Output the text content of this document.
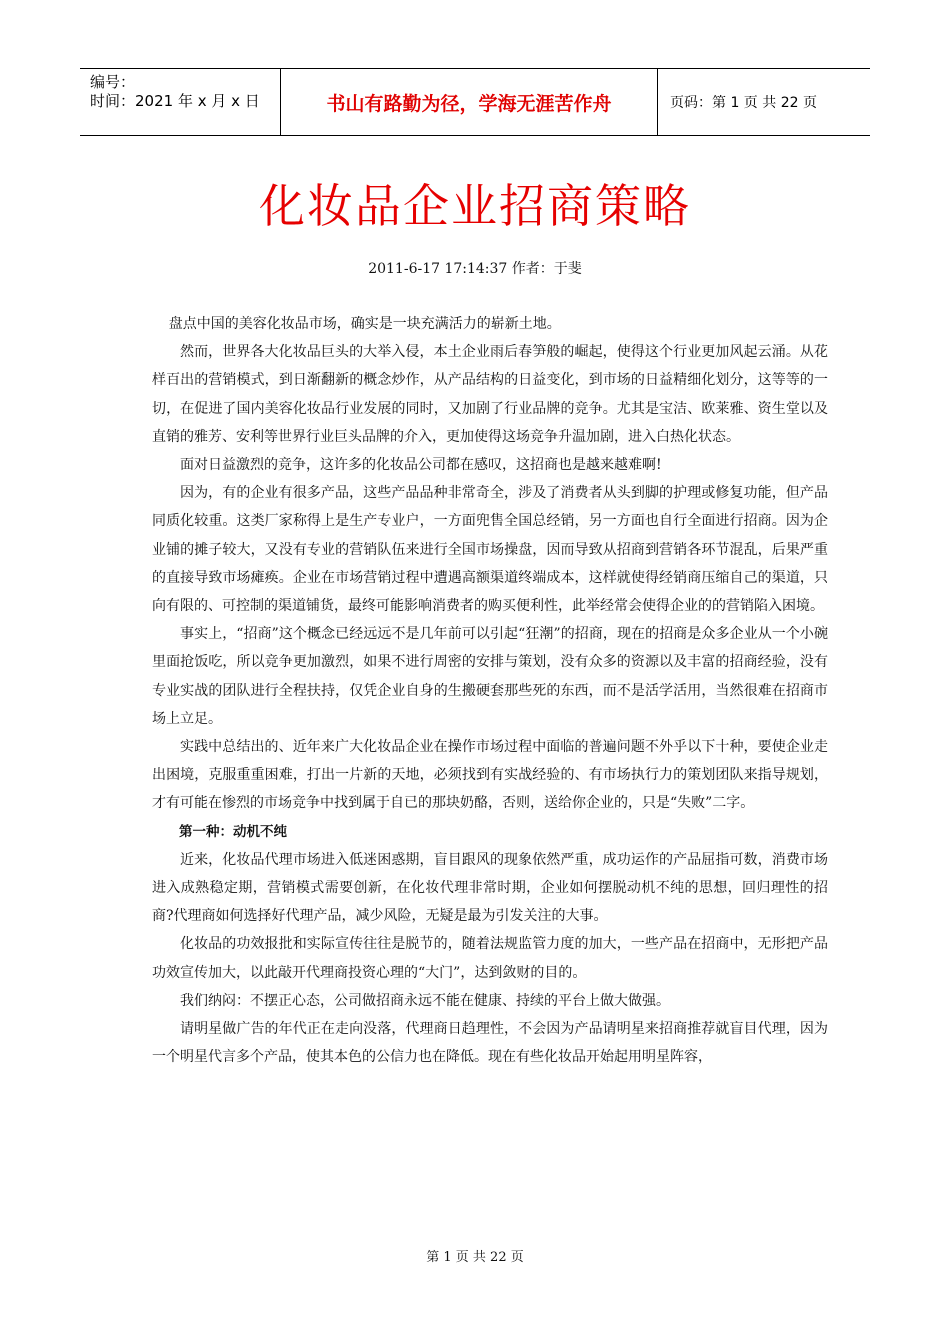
编号：
时间：2021 年 x 月 x 日	书山有路勤为径，学海无涯苦作舟	页码：第 1 页 共 22 页
化妆品企业招商策略
2011-6-17 17:14:37 作者：于斐

盘点中国的美容化妆品市场，确实是一块充满活力的崭新土地。

然而，世界各大化妆品巨头的大举入侵，本土企业雨后春笋般的崛起，使得这个行业更加风起云涌。从花样百出的营销模式，到日渐翻新的概念炒作，从产品结构的日益变化，到市场的日益精细化划分，这等等的一切，在促进了国内美容化妆品行业发展的同时，又加剧了行业品牌的竞争。尤其是宝洁、欧莱雅、资生堂以及直销的雅芳、安利等世界行业巨头品牌的介入，更加使得这场竞争升温加剧，进入白热化状态。

面对日益激烈的竞争，这许多的化妆品公司都在感叹，这招商也是越来越难啊!

因为，有的企业有很多产品，这些产品品种非常奇全，涉及了消费者从头到脚的护理或修复功能，但产品同质化较重。这类厂家称得上是生产专业户，一方面兜售全国总经销，另一方面也自行全面进行招商。因为企业铺的摊子较大，又没有专业的营销队伍来进行全国市场操盘，因而导致从招商到营销各环节混乱，后果严重的直接导致市场瘫痪。企业在市场营销过程中遭遇高额渠道终端成本，这样就使得经销商压缩自己的渠道，只向有限的、可控制的渠道铺货，最终可能影响消费者的购买便利性，此举经常会使得企业的的营销陷入困境。

事实上，“招商”这个概念已经远远不是几年前可以引起“狂潮”的招商，现在的招商是众多企业从一个小碗里面抢饭吃，所以竞争更加激烈，如果不进行周密的安排与策划，没有众多的资源以及丰富的招商经验，没有专业实战的团队进行全程扶持，仅凭企业自身的生搬硬套那些死的东西，而不是活学活用，当然很难在招商市场上立足。

实践中总结出的、近年来广大化妆品企业在操作市场过程中面临的普遍问题不外乎以下十种，要使企业走出困境，克服重重困难，打出一片新的天地，必须找到有实战经验的、有市场执行力的策划团队来指导规划，才有可能在惨烈的市场竞争中找到属于自已的那块奶酪，否则，送给你企业的，只是“失败”二字。

第一种：动机不纯

近来，化妆品代理市场进入低迷困惑期，盲目跟风的现象依然严重，成功运作的产品屈指可数，消费市场进入成熟稳定期，营销模式需要创新，在化妆代理非常时期，企业如何摆脱动机不纯的思想，回归理性的招商?代理商如何选择好代理产品，减少风险，无疑是最为引发关注的大事。

化妆品的功效报批和实际宣传往往是脱节的，随着法规监管力度的加大，一些产品在招商中，无形把产品功效宣传加大，以此敲开代理商投资心理的“大门”，达到敛财的目的。

我们纳闷：不摆正心态，公司做招商永远不能在健康、持续的平台上做大做强。

请明星做广告的年代正在走向没落，代理商日趋理性，不会因为产品请明星来招商推荐就盲目代理，因为一个明星代言多个产品，使其本色的公信力也在降低。现在有些化妆品开始起用明星阵容，

第 1 页 共 22 页
